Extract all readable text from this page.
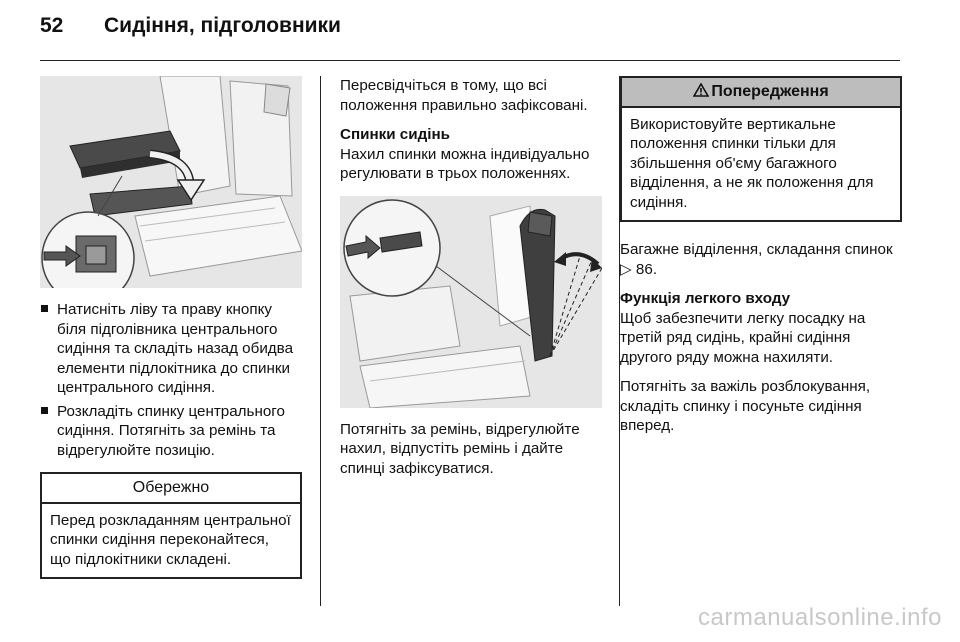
52 Сидіння, підголовники
Натисніть ліву та праву кнопку біля підголівника центрального сидіння та складіть назад обидва елементи підлокітника до спинки центрального сидіння.
Розкладіть спинку центрального сидіння. Потягніть за ремінь та відрегулюйте позицію.
Обережно
Перед розкладанням центральної спинки сидіння переконайтеся, що підлокітники складені.

Пересвідчіться в тому, що всі положення правильно зафіксовані.

Спинки сидінь

Нахил спинки можна індивідуально регулювати в трьох положеннях.

Потягніть за ремінь, відрегулюйте нахил, відпустіть ремінь і дайте спинці зафіксуватися.

Попередження
Використовуйте вертикальне положення спинки тільки для збільшення об'єму багажного відділення, а не як положення для сидіння.

Багажне відділення, складання спинок ▷ 86.

Функція легкого входу

Щоб забезпечити легку посадку на третій ряд сидінь, крайні сидіння другого ряду можна нахиляти.

Потягніть за важіль розблокування, складіть спинку і посуньте сидіння вперед.

carmanualsonline.info
